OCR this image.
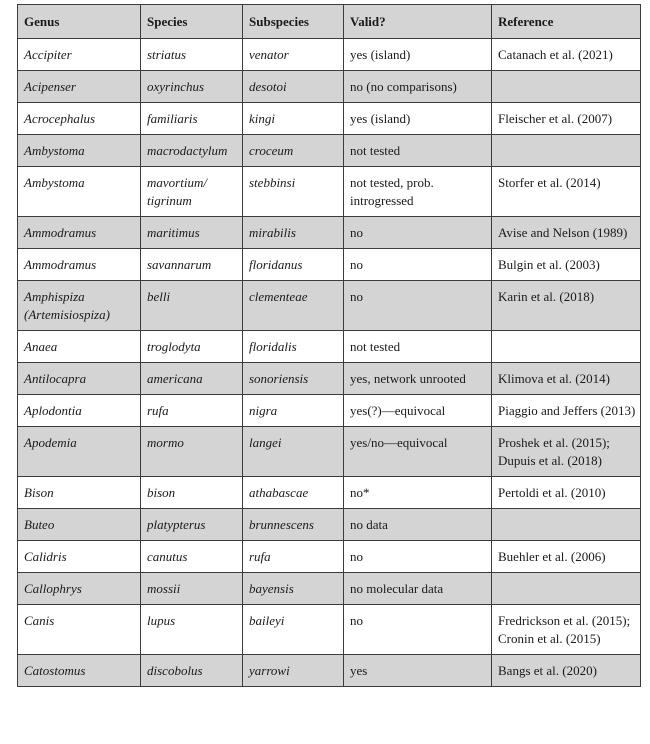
Genus	Species	Subspecies	Valid?	Reference
Accipiter	striatus	venator	yes (island)	Catanach et al. (2021)
Acipenser	oxyrinchus	desotoi	no (no comparisons)	
Acrocephalus	familiaris	kingi	yes (island)	Fleischer et al. (2007)
Ambystoma	macrodactylum	croceum	not tested	
Ambystoma	mavortium/ tigrinum	stebbinsi	not tested, prob. introgressed	Storfer et al. (2014)
Ammodramus	maritimus	mirabilis	no	Avise and Nelson (1989)
Ammodramus	savannarum	floridanus	no	Bulgin et al. (2003)
Amphispiza (Artemisiospiza)	belli	clementeae	no	Karin et al. (2018)
Anaea	troglodyta	floridalis	not tested	
Antilocapra	americana	sonoriensis	yes, network unrooted	Klimova et al. (2014)
Aplodontia	rufa	nigra	yes(?)—equivocal	Piaggio and Jeffers (2013)
Apodemia	mormo	langei	yes/no—equivocal	Proshek et al. (2015); Dupuis et al. (2018)
Bison	bison	athabascae	no*	Pertoldi et al. (2010)
Buteo	platypterus	brunnescens	no data	
Calidris	canutus	rufa	no	Buehler et al. (2006)
Callophrys	mossii	bayensis	no molecular data	
Canis	lupus	baileyi	no	Fredrickson et al. (2015); Cronin et al. (2015)
Catostomus	discobolus	yarrowi	yes	Bangs et al. (2020)
